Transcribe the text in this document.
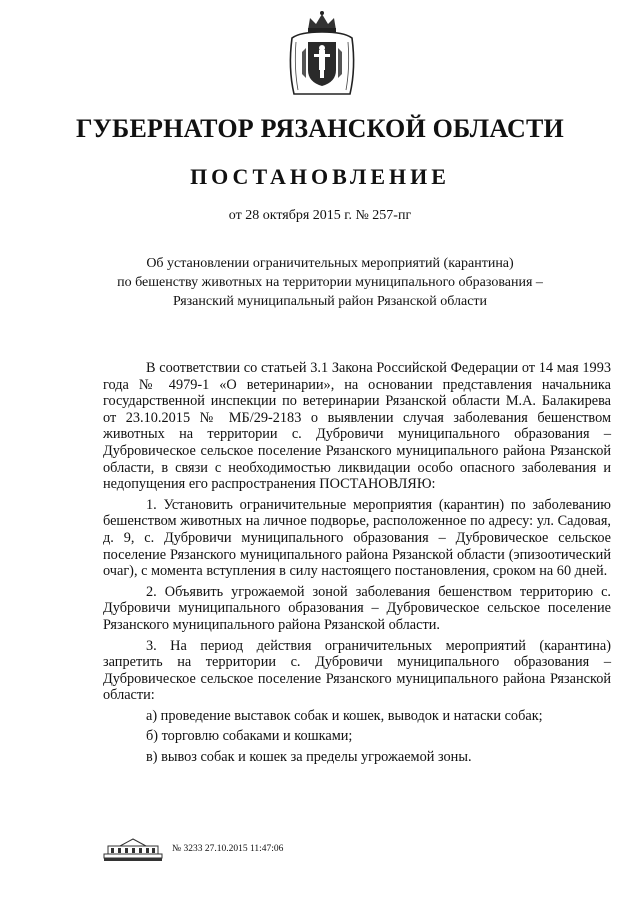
ГУБЕРНАТОР РЯЗАНСКОЙ ОБЛАСТИ
ПОСТАНОВЛЕНИЕ
от 28 октября 2015 г. № 257-пг
Об установлении ограничительных мероприятий (карантина)
по бешенству животных на территории муниципального образования –
Рязанский муниципальный район Рязанской области

В соответствии со статьей 3.1 Закона Российской Федерации от 14 мая 1993 года № 4979-1 «О ветеринарии», на основании представления начальника государственной инспекции по ветеринарии Рязанской области М.А. Балакирева от 23.10.2015 № МБ/29-2183 о выявлении случая заболевания бешенством животных на территории с. Дубровичи муниципального образования – Дубровическое сельское поселение Рязанского муниципального района Рязанской области, в связи с необходимостью ликвидации особо опасного заболевания и недопущения его распространения ПОСТАНОВЛЯЮ:

1. Установить ограничительные мероприятия (карантин) по заболеванию бешенством животных на личное подворье, расположенное по адресу: ул. Садовая, д. 9, с. Дубровичи муниципального образования – Дубровическое сельское поселение Рязанского муниципального района Рязанской области (эпизоотический очаг), с момента вступления в силу настоящего постановления, сроком на 60 дней.

2. Объявить угрожаемой зоной заболевания бешенством территорию с. Дубровичи муниципального образования – Дубровическое сельское поселение Рязанского муниципального района Рязанской области.

3. На период действия ограничительных мероприятий (карантина) запретить на территории с. Дубровичи муниципального образования – Дубровическое сельское поселение Рязанского муниципального района Рязанской области:

а) проведение выставок собак и кошек, выводок и натаски собак;

б) торговлю собаками и кошками;

в) вывоз собак и кошек за пределы угрожаемой зоны.

№ 3233 27.10.2015 11:47:06
